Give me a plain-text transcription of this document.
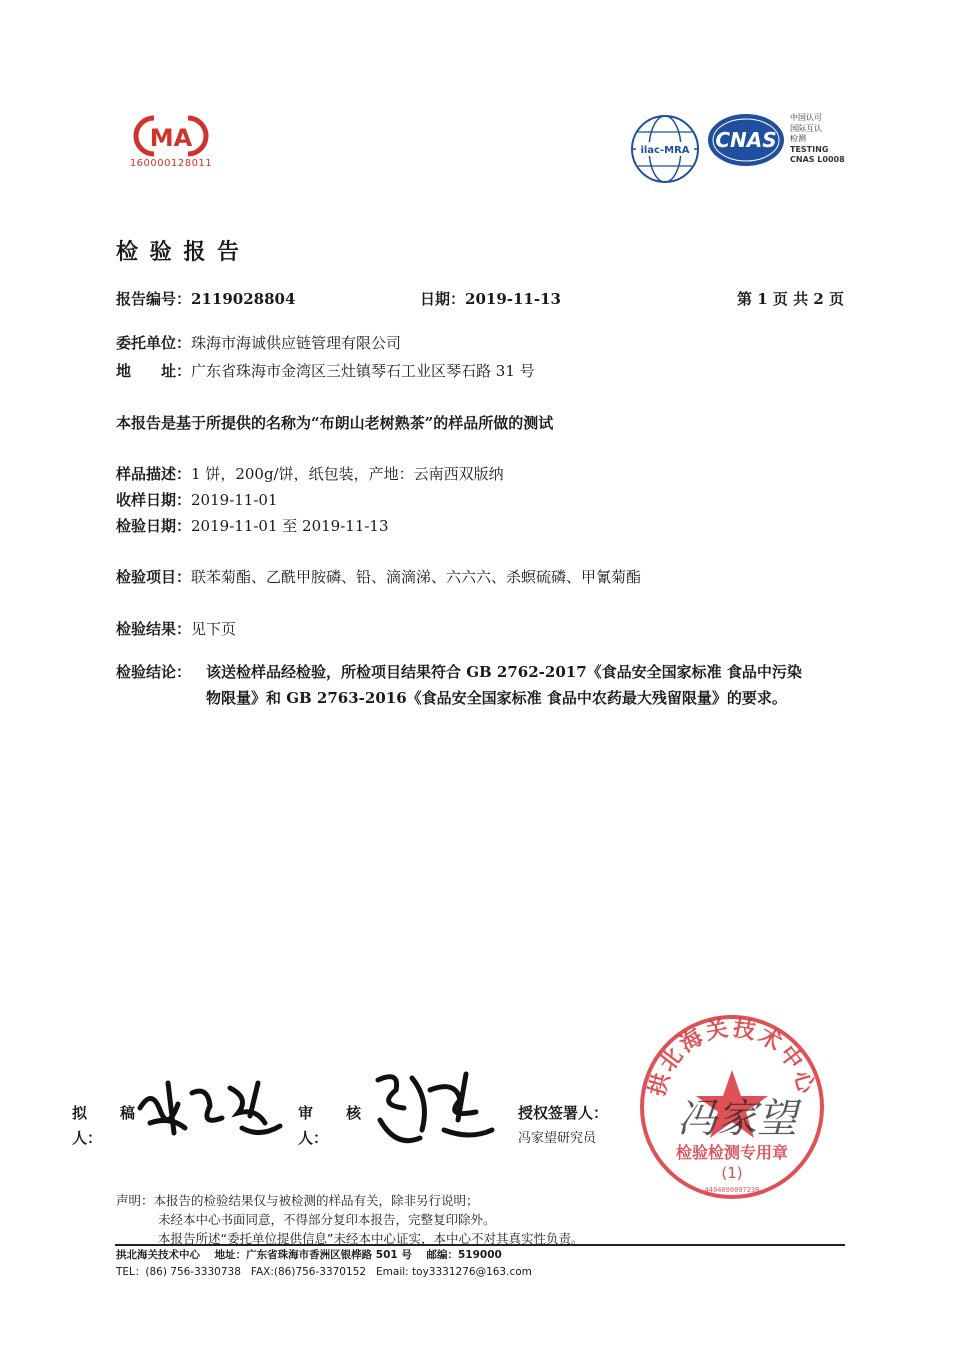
MA
160000128011
ilac-MRA CNAS
中国认可
国际互认
检测
TESTING
CNAS L0008
检 验 报 告
报告编号：2119028804	日期：2019-11-13	第 1 页 共 2 页
委托单位：珠海市海诚供应链管理有限公司
地　　址：广东省珠海市金湾区三灶镇琴石工业区琴石路 31 号
本报告是基于所提供的名称为“布朗山老树熟茶”的样品所做的测试
样品描述：1 饼，200g/饼，纸包装，产地：云南西双版纳
收样日期：2019-11-01
检验日期：2019-11-01 至 2019-11-13
检验项目：联苯菊酯、乙酰甲胺磷、铅、滴滴涕、六六六、杀螟硫磷、甲氰菊酯
检验结果：见下页
检验结论： 该送检样品经检验，所检项目结果符合 GB 2762-2017《食品安全国家标准 食品中污染
物限量》和 GB 2763-2016《食品安全国家标准 食品中农药最大残留限量》的要求。
拟　　稿
人：
审　　核
人：
授权签署人：
冯家望研究员
拱北海关技术中心
检验检测专用章
(1)
4404090007238
冯家望
声明：本报告的检验结果仅与被检测的样品有关，除非另行说明；
未经本中心书面同意，不得部分复印本报告，完整复印除外。
本报告所述“委托单位提供信息”未经本中心证实，本中心不对其真实性负责。
拱北海关技术中心    地址：广东省珠海市香洲区银桦路 501 号    邮编：519000
TEL：(86) 756-3330738   FAX:(86)756-3370152   Email: toy3331276@163.com
